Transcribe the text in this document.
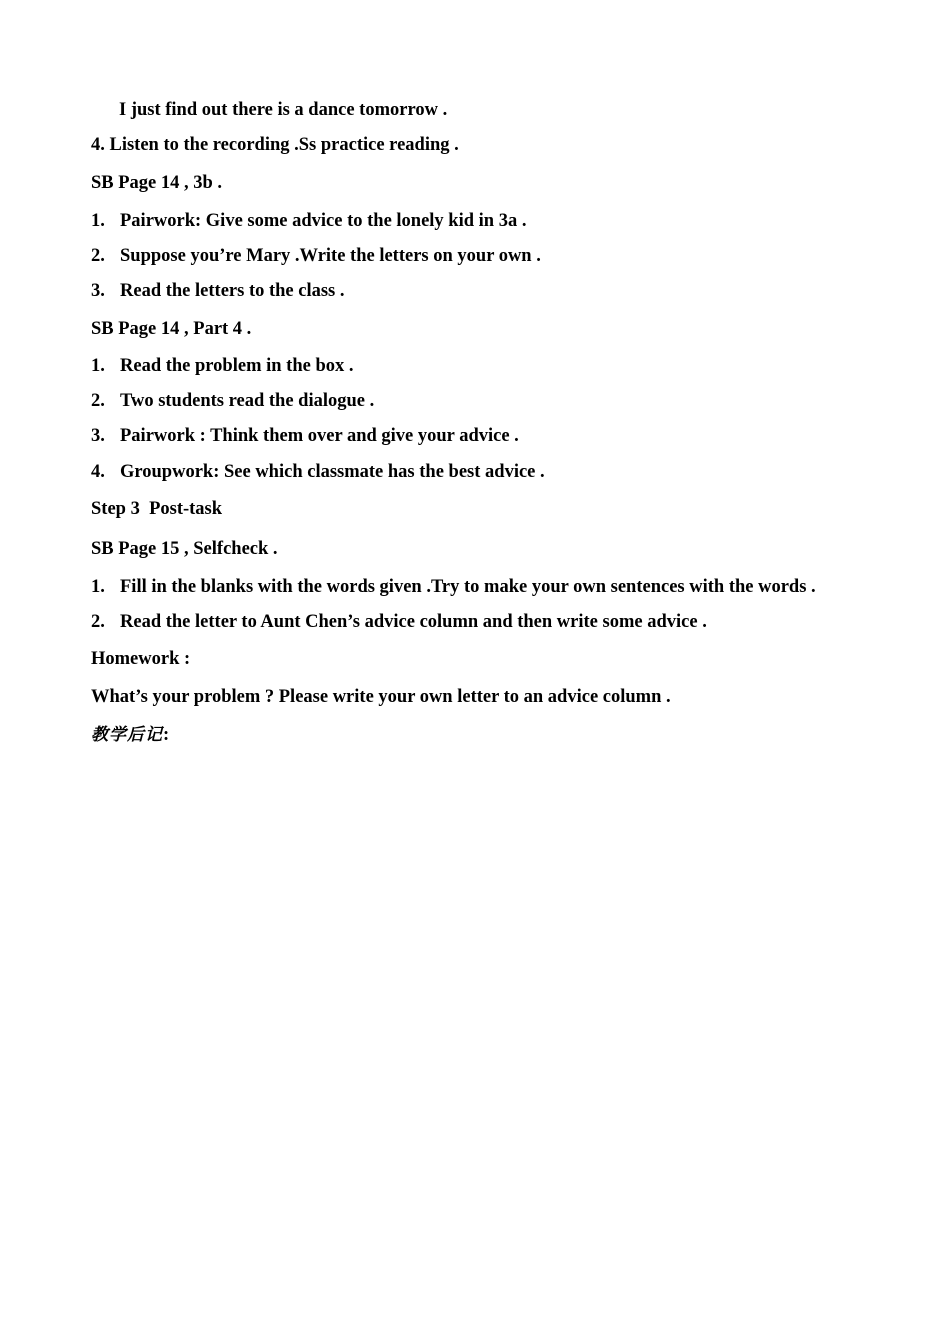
I just find out there is a dance tomorrow .
4. Listen to the recording .Ss practice reading .
SB Page 14 , 3b .
1. Pairwork: Give some advice to the lonely kid in 3a .
2. Suppose you’re Mary .Write the letters on your own .
3. Read the letters to the class .
SB Page 14 , Part 4 .
1. Read the problem in the box .
2. Two students read the dialogue .
3. Pairwork : Think them over and give your advice .
4. Groupwork: See which classmate has the best advice .
Step 3  Post-task
SB Page 15 , Selfcheck .
1. Fill in the blanks with the words given .Try to make your own sentences with the words .
2. Read the letter to Aunt Chen’s advice column and then write some advice .
Homework :
What’s your problem ? Please write your own letter to an advice column .
教学后记:
